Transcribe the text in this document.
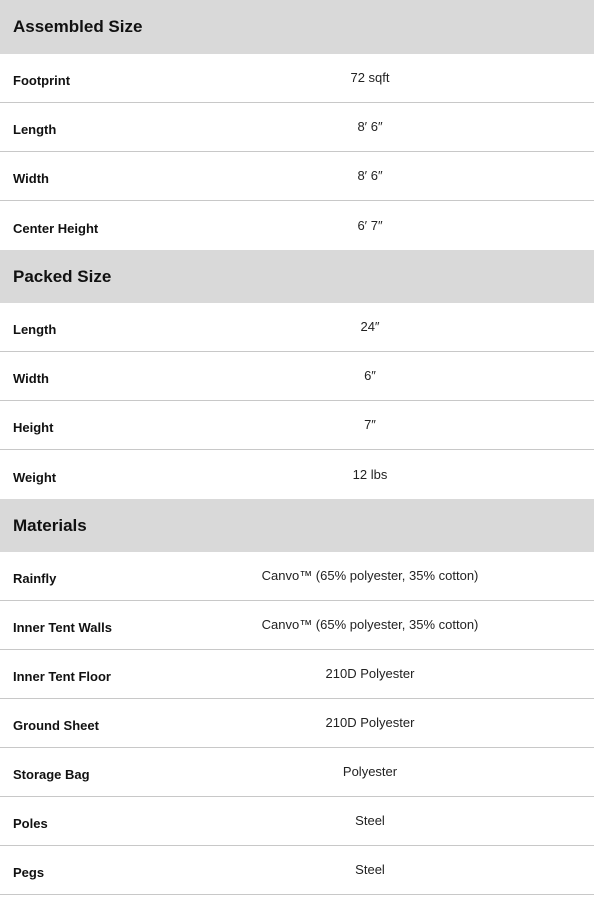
Assembled Size
Footprint	72 sqft
Length	8′ 6″
Width	8′ 6″
Center Height	6′ 7″
Packed Size
Length	24″
Width	6″
Height	7″
Weight	12 lbs
Materials
Rainfly	Canvo™ (65% polyester, 35% cotton)
Inner Tent Walls	Canvo™ (65% polyester, 35% cotton)
Inner Tent Floor	210D Polyester
Ground Sheet	210D Polyester
Storage Bag	Polyester
Poles	Steel
Pegs	Steel
